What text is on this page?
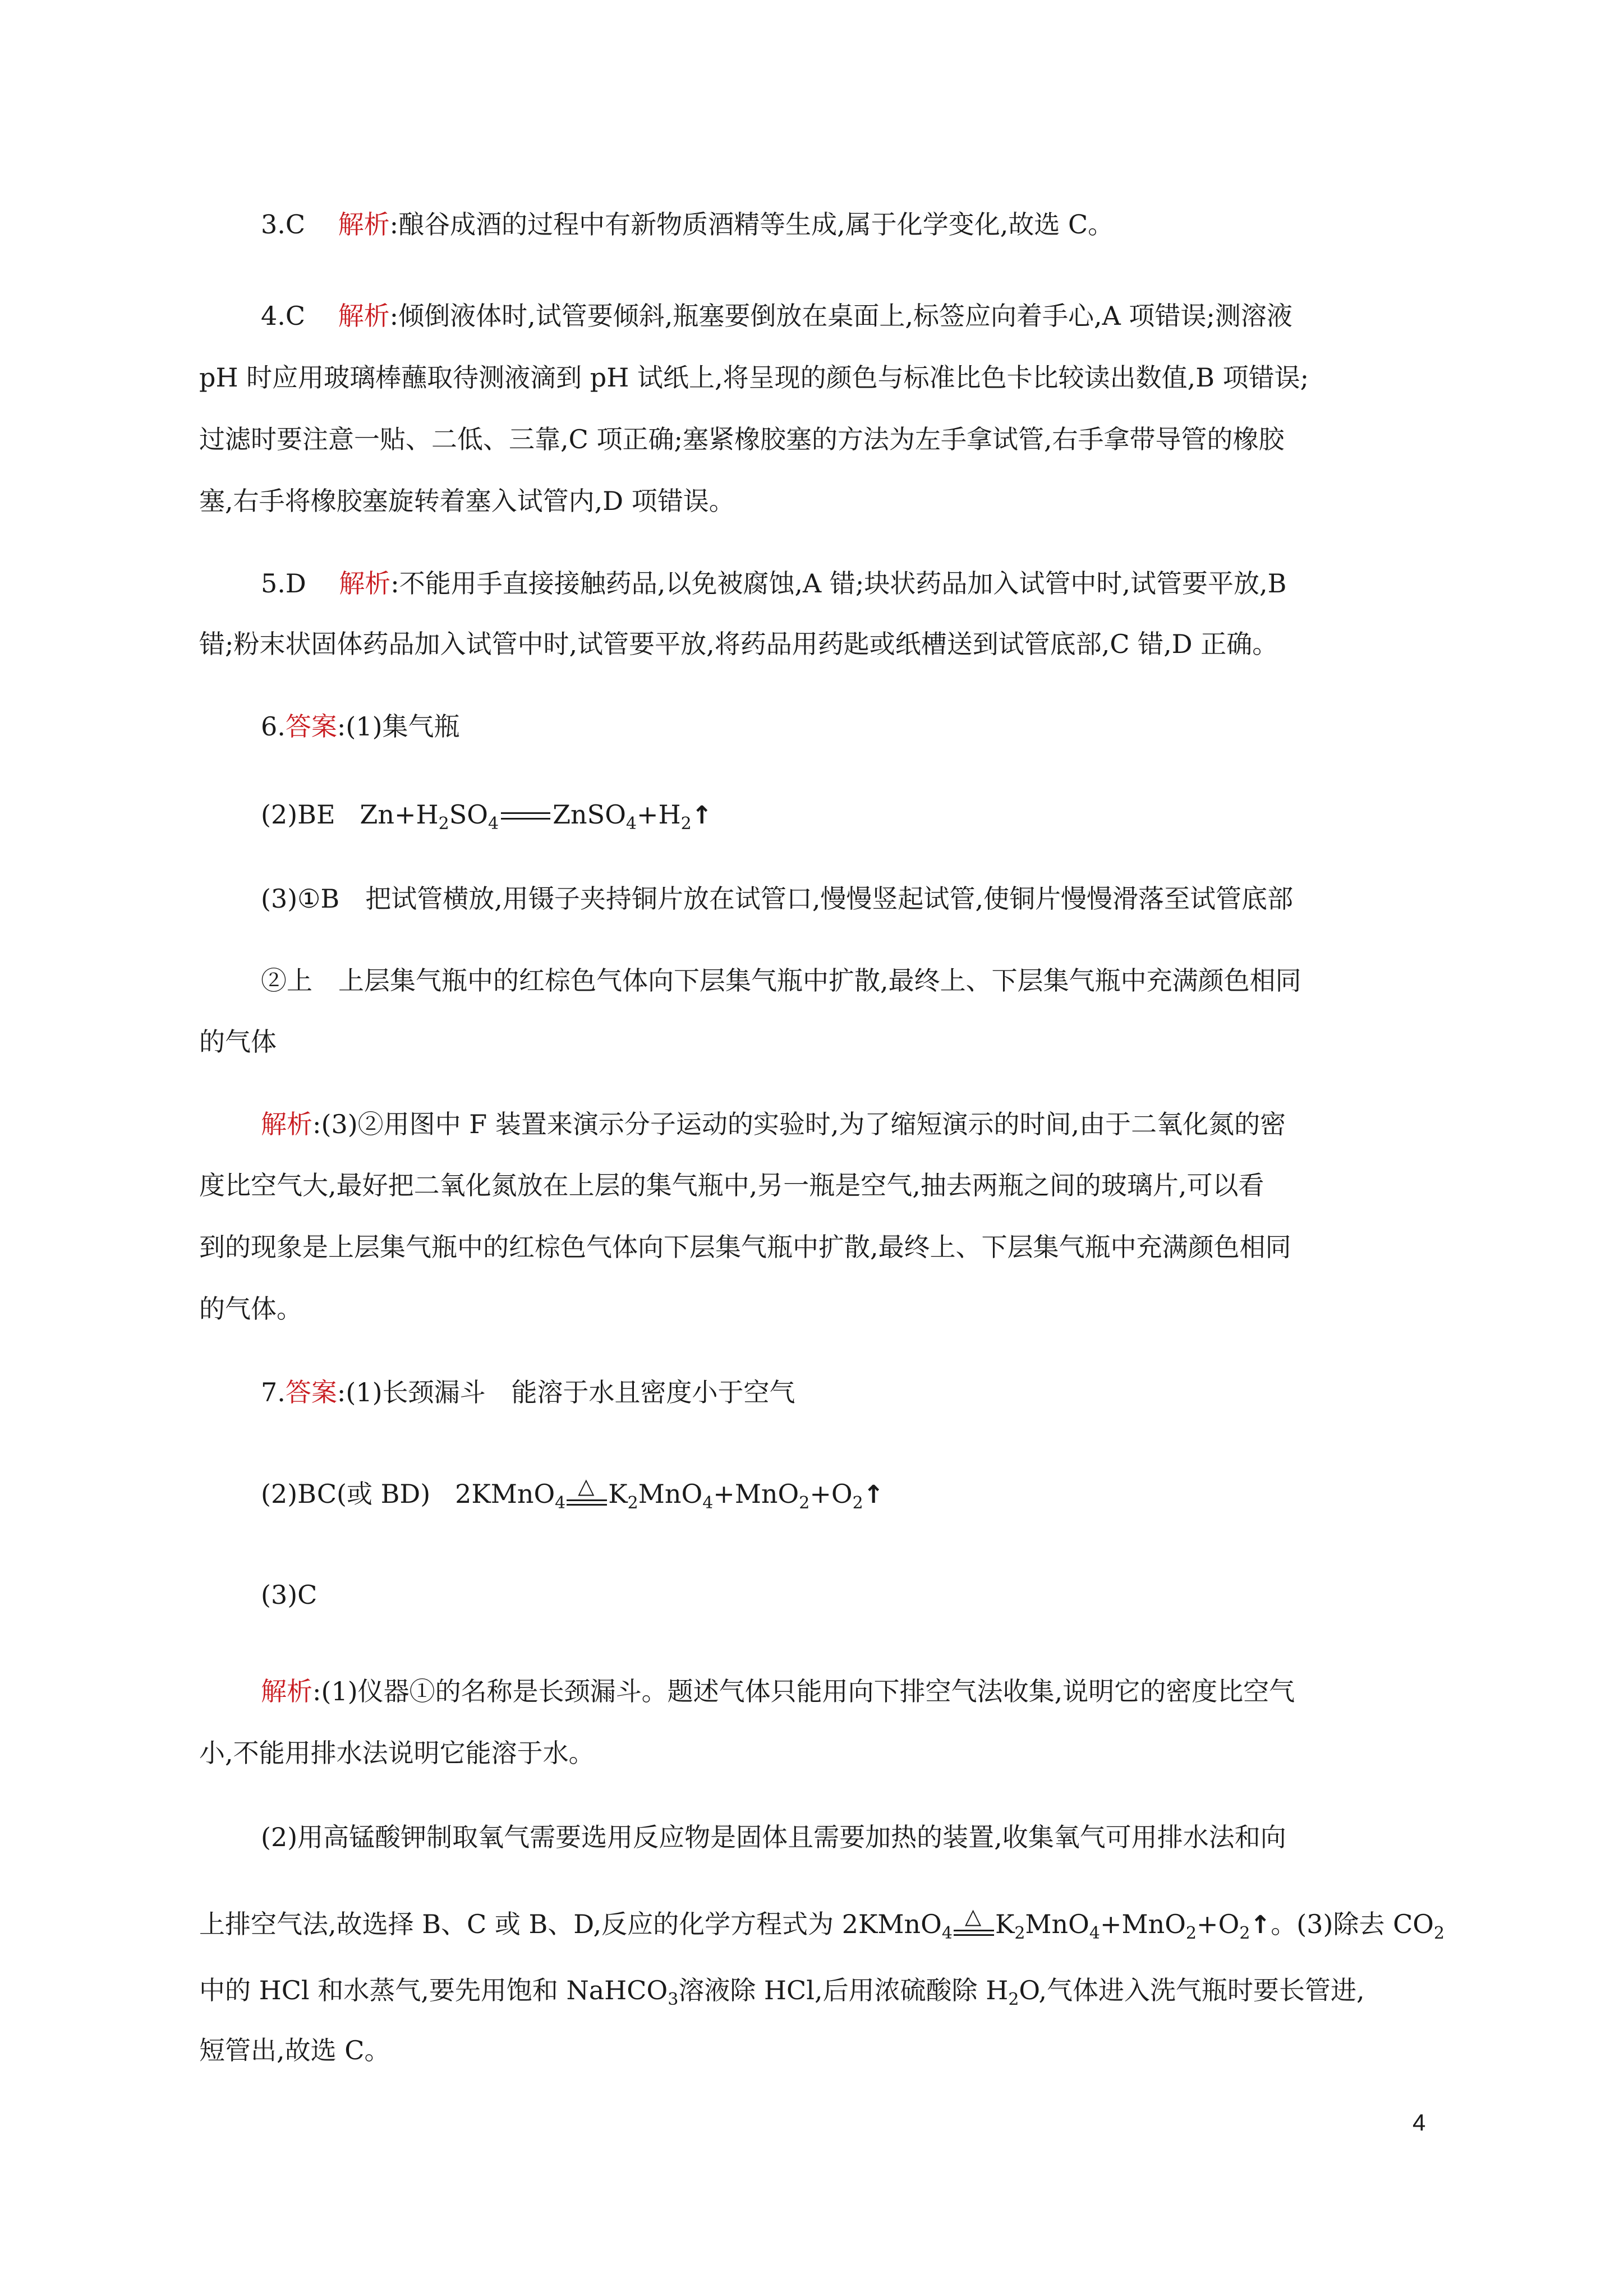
3.C 解析:酿谷成酒的过程中有新物质酒精等生成,属于化学变化,故选 C。
4.C 解析:倾倒液体时,试管要倾斜,瓶塞要倒放在桌面上,标签应向着手心,A 项错误;测溶液
pH 时应用玻璃棒蘸取待测液滴到 pH 试纸上,将呈现的颜色与标准比色卡比较读出数值,B 项错误;
过滤时要注意一贴、二低、三靠,C 项正确;塞紧橡胶塞的方法为左手拿试管,右手拿带导管的橡胶
塞,右手将橡胶塞旋转着塞入试管内,D 项错误。
5.D 解析:不能用手直接接触药品,以免被腐蚀,A 错;块状药品加入试管中时,试管要平放,B
错;粉末状固体药品加入试管中时,试管要平放,将药品用药匙或纸槽送到试管底部,C 错,D 正确。
6.答案:(1)集气瓶
(2)BE $Zn+H_2SO_4$ $ZnSO_4+H_2↑$
(3)①B　把试管横放,用镊子夹持铜片放在试管口,慢慢竖起试管,使铜片慢慢滑落至试管底部
②上　上层集气瓶中的红棕色气体向下层集气瓶中扩散,最终上、下层集气瓶中充满颜色相同
的气体
解析:(3)②用图中 F 装置来演示分子运动的实验时,为了缩短演示的时间,由于二氧化氮的密
度比空气大,最好把二氧化氮放在上层的集气瓶中,另一瓶是空气,抽去两瓶之间的玻璃片,可以看
到的现象是上层集气瓶中的红棕色气体向下层集气瓶中扩散,最终上、下层集气瓶中充满颜色相同
的气体。
7.答案:(1)长颈漏斗　能溶于水且密度小于空气
(2)BC(或 BD) 2KMnO$_4$
△ $K_2MnO_4+MnO_2+O_2↑$
(3)C
解析:(1)仪器①的名称是长颈漏斗。题述气体只能用向下排空气法收集,说明它的密度比空气
小,不能用排水法说明它能溶于水。
(2)用高锰酸钾制取氧气需要选用反应物是固体且需要加热的装置,收集氧气可用排水法和向
上排空气法,故选择 B、C 或 B、D,反应的化学方程式为 2KMnO$_4$
△ $K_2MnO_4+MnO_2+O_2↑$。(3)除去 $CO_2$
中的 HCl 和水蒸气,要先用饱和 NaHCO$_3$溶液除 HCl,后用浓硫酸除 $H_2O$,气体进入洗气瓶时要长管进,
短管出,故选 C。
4
